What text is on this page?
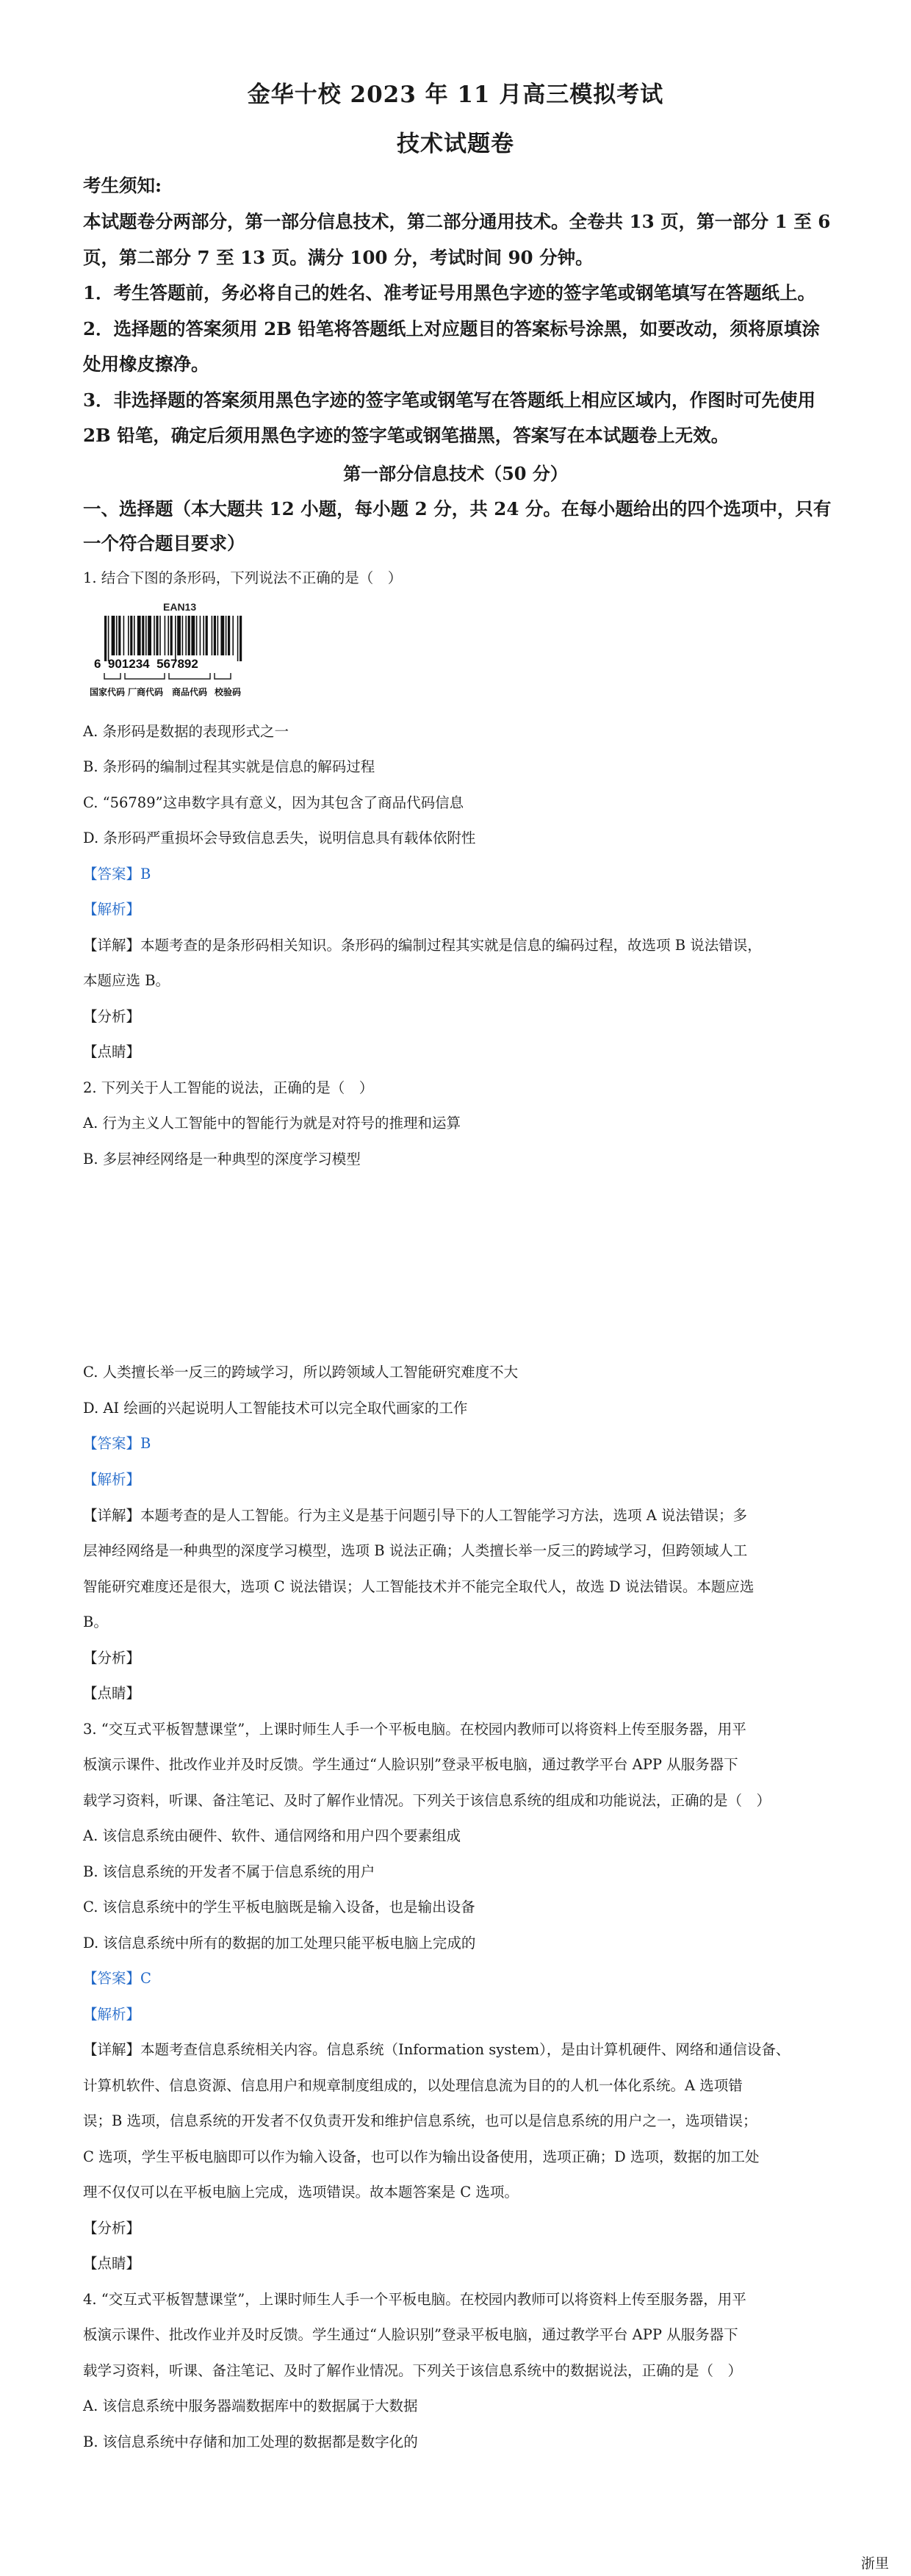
金华十校 2023 年 11 月高三模拟考试
技术试题卷
考生须知:
本试题卷分两部分，第一部分信息技术，第二部分通用技术。全卷共 13 页，第一部分 1 至 6
页，第二部分 7 至 13 页。满分 100 分，考试时间 90 分钟。
1．考生答题前，务必将自己的姓名、准考证号用黑色字迹的签字笔或钢笔填写在答题纸上。
2．选择题的答案须用 2B 铅笔将答题纸上对应题目的答案标号涂黑，如要改动，须将原填涂
处用橡皮擦净。
3．非选择题的答案须用黑色字迹的签字笔或钢笔写在答题纸上相应区域内，作图时可先使用
2B 铅笔，确定后须用黑色字迹的签字笔或钢笔描黑，答案写在本试题卷上无效。
第一部分信息技术（50 分）
一、选择题（本大题共 12 小题，每小题 2 分，共 24 分。在每小题给出的四个选项中，只有
一个符合题目要求）
1. 结合下图的条形码，下列说法不正确的是（　）
EAN13
6  901234  567892
国家代码 厂商代码 商品代码 校验码
A. 条形码是数据的表现形式之一
B. 条形码的编制过程其实就是信息的解码过程
C. “56789”这串数字具有意义，因为其包含了商品代码信息
D. 条形码严重损坏会导致信息丢失，说明信息具有载体依附性
【答案】B
【解析】
【详解】本题考查的是条形码相关知识。条形码的编制过程其实就是信息的编码过程，故选项 B 说法错误，
本题应选 B。
【分析】
【点睛】
2. 下列关于人工智能的说法，正确的是（　）
A. 行为主义人工智能中的智能行为就是对符号的推理和运算
B. 多层神经网络是一种典型的深度学习模型
C. 人类擅长举一反三的跨域学习，所以跨领域人工智能研究难度不大
D. AI 绘画的兴起说明人工智能技术可以完全取代画家的工作
【答案】B
【解析】
【详解】本题考查的是人工智能。行为主义是基于问题引导下的人工智能学习方法，选项 A 说法错误；多
层神经网络是一种典型的深度学习模型，选项 B 说法正确；人类擅长举一反三的跨域学习，但跨领域人工
智能研究难度还是很大，选项 C 说法错误；人工智能技术并不能完全取代人，故选 D 说法错误。本题应选
B。
【分析】
【点睛】
3. “交互式平板智慧课堂”，上课时师生人手一个平板电脑。在校园内教师可以将资料上传至服务器，用平
板演示课件、批改作业并及时反馈。学生通过“人脸识别”登录平板电脑，通过教学平台 APP 从服务器下
载学习资料，听课、备注笔记、及时了解作业情况。下列关于该信息系统的组成和功能说法，正确的是（　）
A. 该信息系统由硬件、软件、通信网络和用户四个要素组成
B. 该信息系统的开发者不属于信息系统的用户
C. 该信息系统中的学生平板电脑既是输入设备，也是输出设备
D. 该信息系统中所有的数据的加工处理只能平板电脑上完成的
【答案】C
【解析】
【详解】本题考查信息系统相关内容。信息系统（Information system），是由计算机硬件、网络和通信设备、
计算机软件、信息资源、信息用户和规章制度组成的，以处理信息流为目的的人机一体化系统。A 选项错
误；B 选项，信息系统的开发者不仅负责开发和维护信息系统，也可以是信息系统的用户之一，选项错误；
C 选项，学生平板电脑即可以作为输入设备，也可以作为输出设备使用，选项正确；D 选项，数据的加工处
理不仅仅可以在平板电脑上完成，选项错误。故本题答案是 C 选项。
【分析】
【点睛】
4. “交互式平板智慧课堂”，上课时师生人手一个平板电脑。在校园内教师可以将资料上传至服务器，用平
板演示课件、批改作业并及时反馈。学生通过“人脸识别”登录平板电脑，通过教学平台 APP 从服务器下
载学习资料，听课、备注笔记、及时了解作业情况。下列关于该信息系统中的数据说法，正确的是（　）
A. 该信息系统中服务器端数据库中的数据属于大数据
B. 该信息系统中存储和加工处理的数据都是数字化的
浙里
